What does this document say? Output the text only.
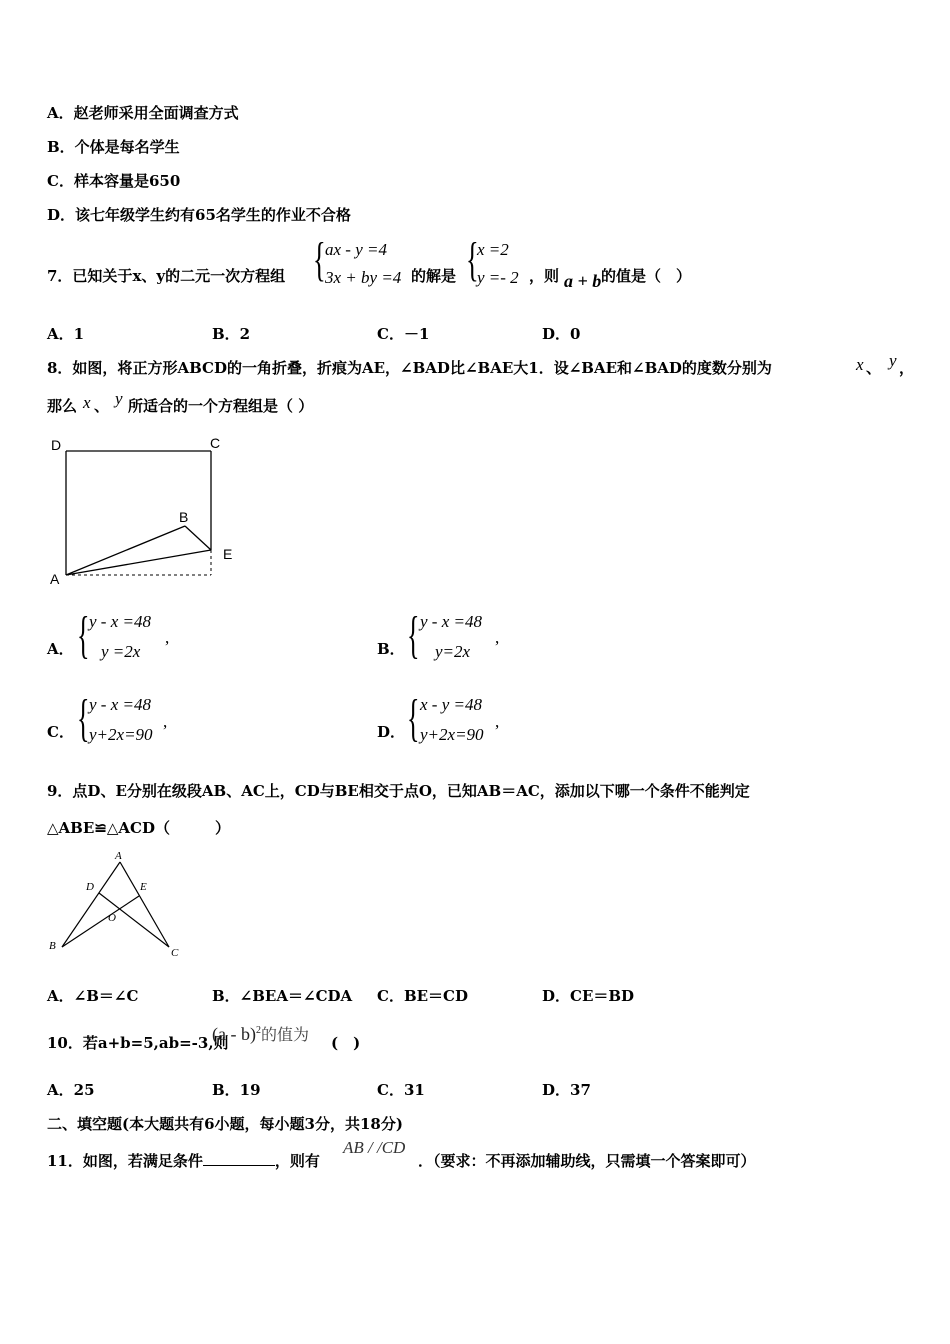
A．赵老师采用全面调查方式
B．个体是每名学生
C．样本容量是650
D．该七年级学生约有65名学生的作业不合格
7．已知关于x、y的二元一次方程组 { ax - y =4
3x + by =4 的解是 {
x =2
y =- 2 ，则 a + b 的值是（　）
A．1	B．2	C．－1	D．0
8．如图，将正方形ABCD的一角折叠，折痕为AE，∠BAD比∠BAE大1．设∠BAE和∠BAD的度数分别为	x 、 y ，
那么 x 、 y 所适合的一个方程组是（ ）
D	C
B
E
A
A． { y - x =48
y =2x
,
B． { y - x =48
y=2x
,
C． { y - x =48
y+2x=90
,
D． { x - y =48
y+2x=90
,
9．点D、E分别在级段AB、AC上，CD与BE相交于点O，已知AB＝AC，添加以下哪一个条件不能判定
△ABE≌△ACD（　　　）
A
D	E
O
B
C
A．∠B＝∠C	B．∠BEA＝∠CDA C．BE＝CD	D．CE＝BD
10．若a+b=5,ab=-3,则
(a - b)$^2$的值为 (　)
A．25	B．19	C．31	D．37
二、填空题(本大题共有6小题，每小题3分，共18分)
11．如图，若满足条件	，则有
AB / /CD
．（要求：不再添加辅助线，只需填一个答案即可）
